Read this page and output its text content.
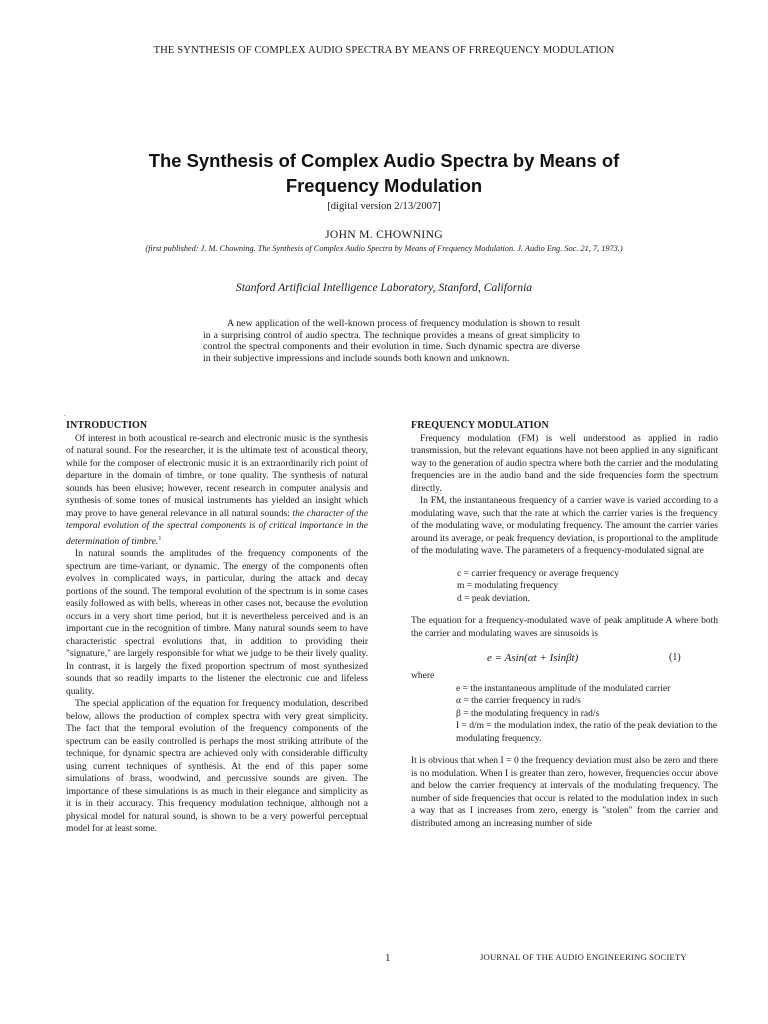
THE SYNTHESIS OF COMPLEX AUDIO SPECTRA BY MEANS OF FRREQUENCY MODULATION
The Synthesis of Complex Audio Spectra by Means of
Frequency Modulation
[digital version 2/13/2007]
JOHN M. CHOWNING
(first published: J. M. Chowning. The Synthesis of Complex Audio Spectra by Means of Frequency Modulation. J. Audio Eng. Soc. 21, 7, 1973.)
Stanford Artificial Intelligence Laboratory, Stanford, California
A new application of the well-known process of frequency modulation is shown to result in a surprising control of audio spectra. The technique provides a means of great simplicity to control the spectral components and their evolution in time. Such dynamic spectra are diverse in their subjective impressions and include sounds both known and unknown.
.
INTRODUCTION

Of interest in both acoustical re-search and electronic music is the synthesis of natural sound. For the researcher, it is the ultimate test of acoustical theory, while for the composer of electronic music it is an extraordinarily rich point of departure in the domain of timbre, or tone quality. The synthesis of natural sounds has been elusive; however, recent research in computer analysis and synthesis of some tones of musical instruments has yielded an insight which may prove to have general relevance in all natural sounds: the character of the temporal evolution of the spectral components is of critical importance in the determination of timbre.$^1$

In natural sounds the amplitudes of the frequency components of the spectrum are time-variant, or dynamic. The energy of the components often evolves in complicated ways, in particular, during the attack and decay portions of the sound. The temporal evolution of the spectrum is in some cases easily followed as with bells, whereas in other cases not, because the evolution occurs in a very short time period, but it is nevertheless perceived and is an important cue in the recognition of timbre. Many natural sounds seem to have characteristic spectral evolutions that, in addition to providing their "signature," are largely responsible for what we judge to be their lively quality. In contrast, it is largely the fixed proportion spectrum of most synthesized sounds that so readily imparts to the listener the electronic cue and lifeless quality.

The special application of the equation for frequency modulation, described below, allows the production of complex spectra with very great simplicity. The fact that the temporal evolution of the frequency components of the spectrum can be easily controlled is perhaps the most striking attribute of the technique, for dynamic spectra are achieved only with considerable difficulty using current techniques of synthesis. At the end of this paper some simulations of brass, woodwind, and percussive sounds are given. The importance of these simulations is as much in their elegance and simplicity as it is in their accuracy. This frequency modulation technique, although not a physical model for natural sound, is shown to be a very powerful perceptual model for at least some.

FREQUENCY MODULATION

Frequency modulation (FM) is well understood as applied in radio transmission, but the relevant equations have not been applied in any significant way to the generation of audio spectra where both the carrier and the modulating frequencies are in the audio band and the side frequencies form the spectrum directly.

In FM, the instantaneous frequency of a carrier wave is varied according to a modulating wave, such that the rate at which the carrier varies is the frequency of the modulating wave, or modulating frequency. The amount the carrier varies around its average, or peak frequency deviation, is proportional to the amplitude of the modulating wave. The parameters of a frequency-modulated signal are

c = carrier frequency or average frequency
m = modulating frequency
d = peak deviation.

The equation for a frequency-modulated wave of peak amplitude A where both the carrier and modulating waves are sinusoids is

e = Asin(αt + Isinβt)	(1)
where
e = the instantaneous amplitude of the modulated carrier
α = the carrier frequency in rad/s
β = the modulating frequency in rad/s
I = d/m = the modulation index, the ratio of the peak deviation to the modulating frequency.

It is obvious that when I = 0 the frequency deviation must also be zero and there is no modulation. When I is greater than zero, however, frequencies occur above and below the carrier frequency at intervals of the modulating frequency. The number of side frequencies that occur is related to the modulation index in such a way that as I increases from zero, energy is "stolen" from the carrier and distributed among an increasing number of side

1	JOURNAL OF THE AUDIO ENGINEERING SOCIETY
